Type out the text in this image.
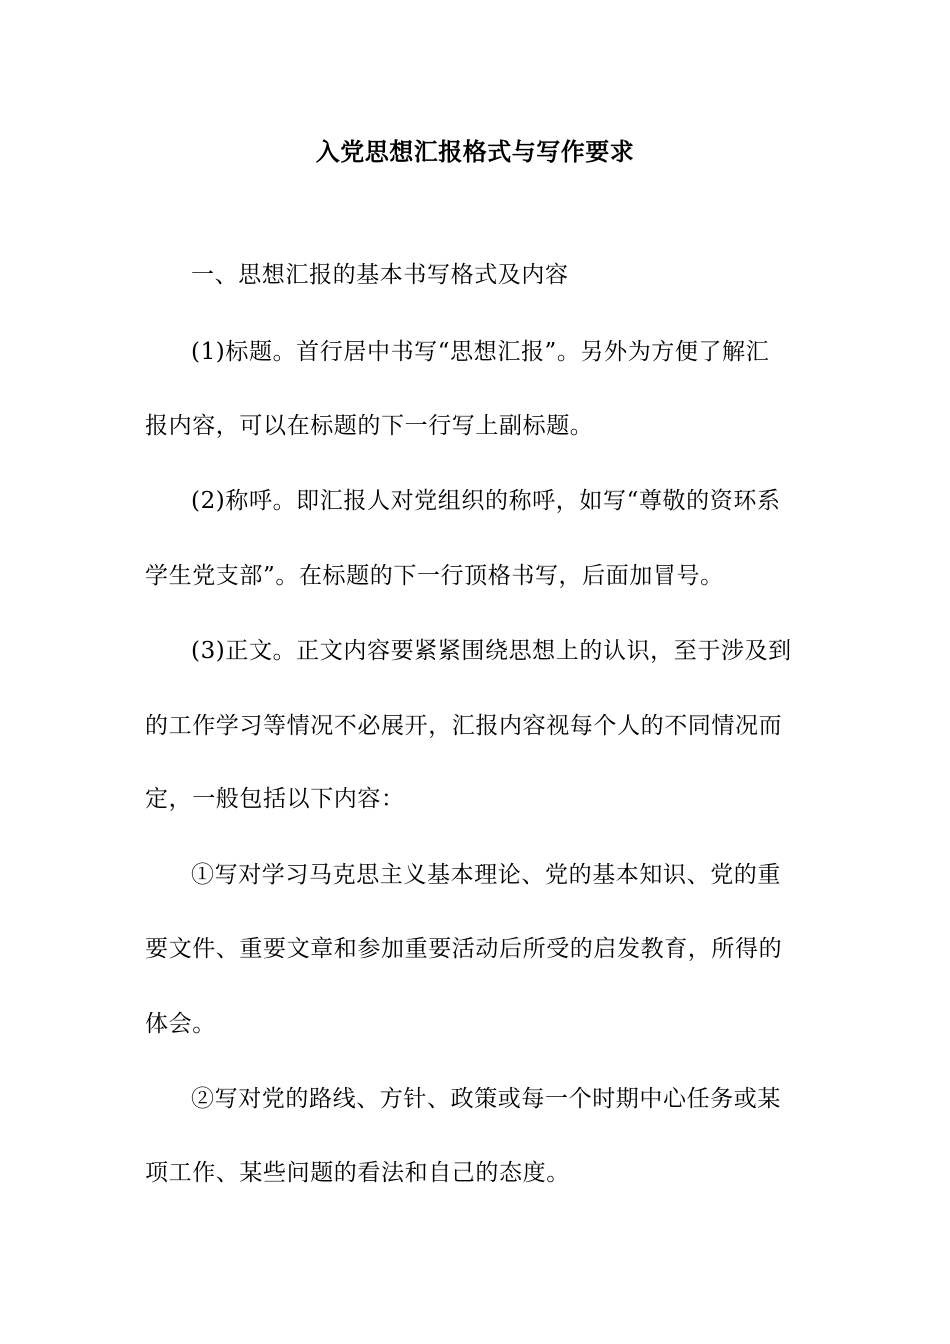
入党思想汇报格式与写作要求
一、思想汇报的基本书写格式及内容
(1)标题。首行居中书写“思想汇报”。另外为方便了解汇
报内容，可以在标题的下一行写上副标题。
(2)称呼。即汇报人对党组织的称呼，如写“尊敬的资环系
学生党支部”。在标题的下一行顶格书写，后面加冒号。
(3)正文。正文内容要紧紧围绕思想上的认识，至于涉及到
的工作学习等情况不必展开，汇报内容视每个人的不同情况而
定，一般包括以下内容：
①写对学习马克思主义基本理论、党的基本知识、党的重
要文件、重要文章和参加重要活动后所受的启发教育，所得的
体会。
②写对党的路线、方针、政策或每一个时期中心任务或某
项工作、某些问题的看法和自己的态度。
